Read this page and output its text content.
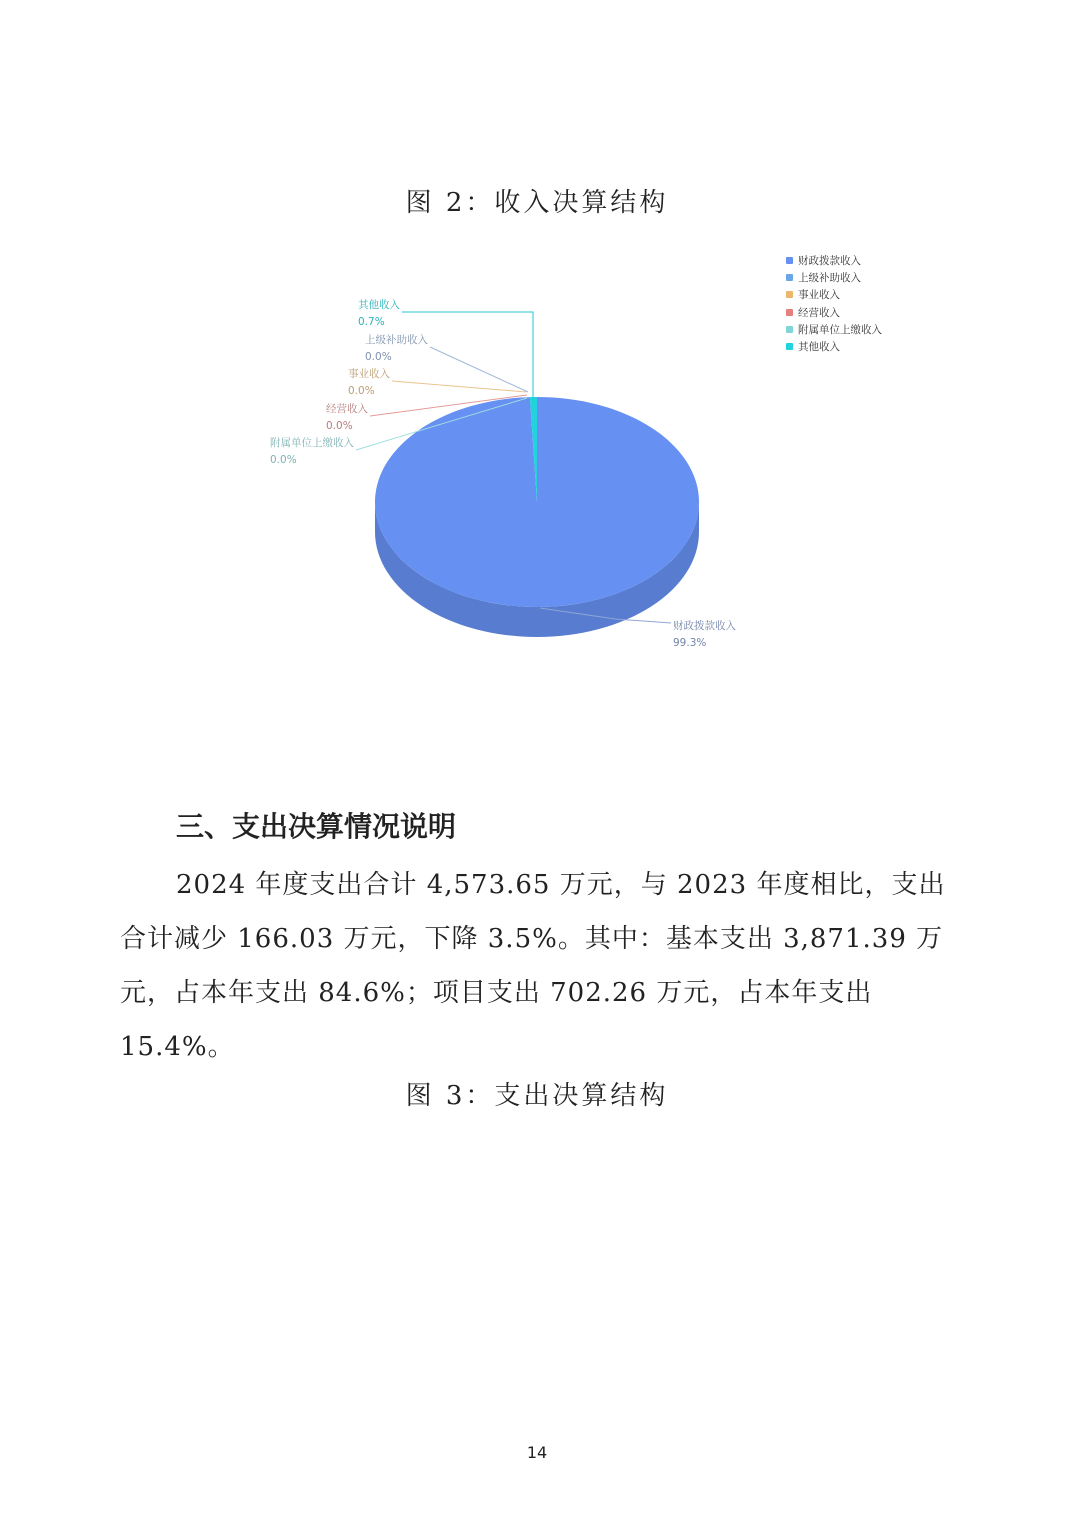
图 2：收入决算结构
财政拨款收入
99.3%
上级补助收入
0.0%
事业收入
0.0%
经营收入
0.0%
附属单位上缴收入
0.0%
其他收入
0.7%
财政拨款收入
上级补助收入
事业收入
经营收入
附属单位上缴收入
其他收入
三、支出决算情况说明
2024 年度支出合计 4,573.65 万元，与 2023 年度相比，支出合计减少 166.03 万元，下降 3.5%。其中：基本支出 3,871.39 万元，占本年支出 84.6%；项目支出 702.26 万元，占本年支出 15.4%。
图 3：支出决算结构
14
